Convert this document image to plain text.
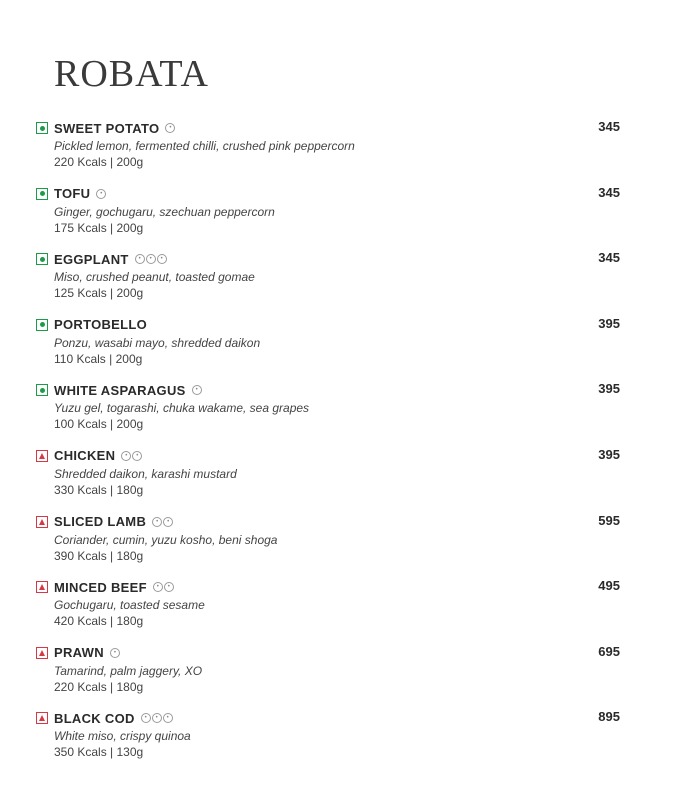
ROBATA
SWEET POTATO	•	345
Pickled lemon, fermented chilli, crushed pink peppercorn
220 Kcals | 200g
TOFU	•	345
Ginger, gochugaru, szechuan peppercorn
175 Kcals | 200g
EGGPLANT	•	•	•	345
Miso, crushed peanut, toasted gomae
125 Kcals | 200g
PORTOBELLO	395
Ponzu, wasabi mayo, shredded daikon
110 Kcals | 200g
WHITE ASPARAGUS	•	395
Yuzu gel, togarashi, chuka wakame, sea grapes
100 Kcals | 200g
CHICKEN	•	•	395
Shredded daikon, karashi mustard
330 Kcals | 180g
SLICED LAMB	•	•	595
Coriander, cumin, yuzu kosho, beni shoga
390 Kcals | 180g
MINCED BEEF	•	•	495
Gochugaru, toasted sesame
420 Kcals | 180g
PRAWN	•	695
Tamarind, palm jaggery, XO
220 Kcals | 180g
BLACK COD	•	•	•	895
White miso, crispy quinoa
350 Kcals | 130g
